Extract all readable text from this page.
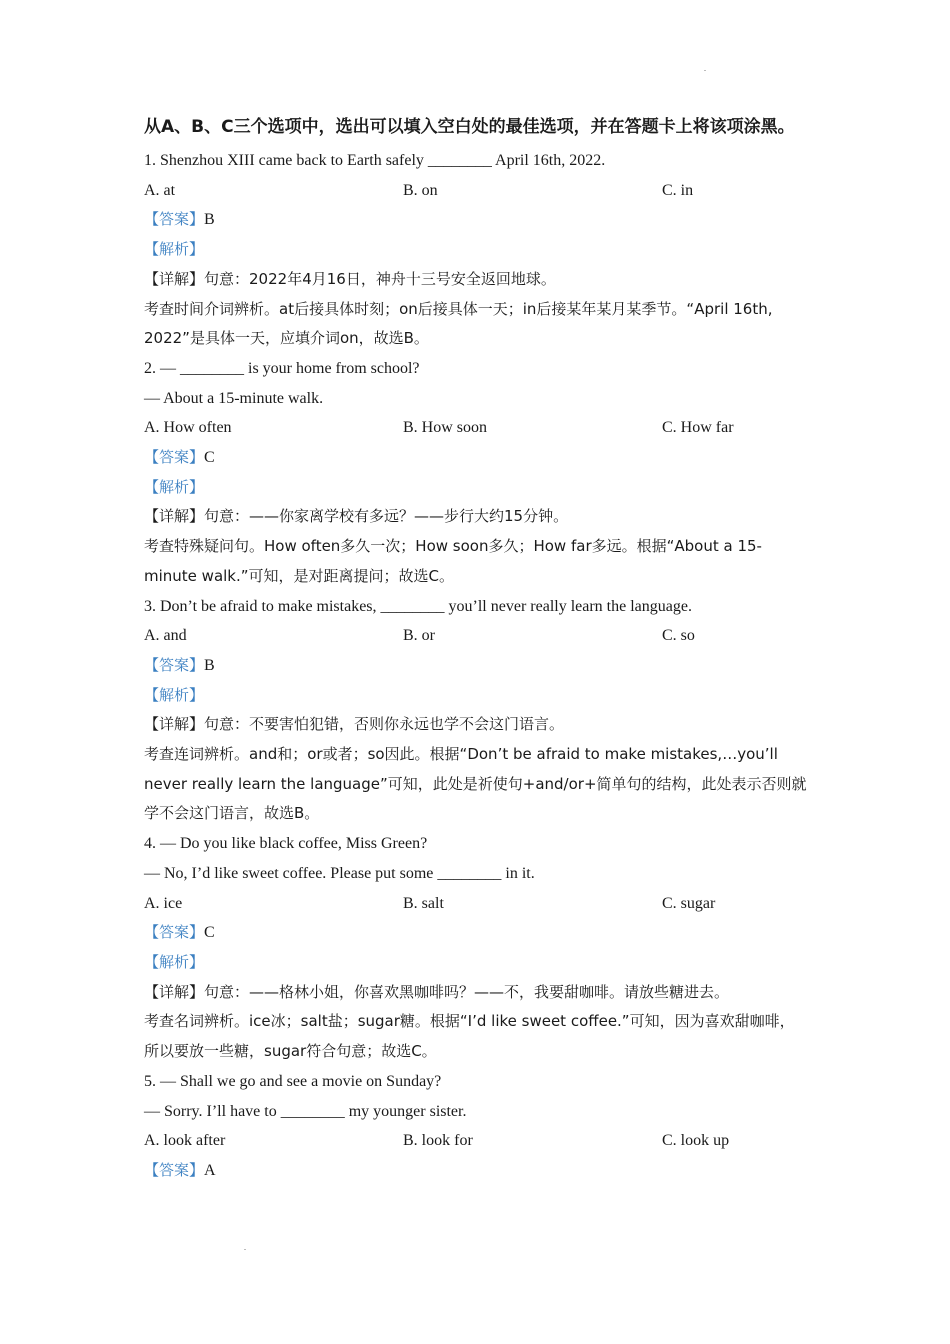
从A、B、C三个选项中，选出可以填入空白处的最佳选项，并在答题卡上将该项涂黑。
1. Shenzhou XIII came back to Earth safely ________ April 16th, 2022.
A. at	B. on	C. in
【答案】B
【解析】
【详解】句意：2022年4月16日，神舟十三号安全返回地球。
考查时间介词辨析。at后接具体时刻；on后接具体一天；in后接某年某月某季节。“April 16th, 2022”是具体一天，应填介词on，故选B。
2. — ________ is your home from school?
— About a 15-minute walk.
A. How often	B. How soon	C. How far
【答案】C
【解析】
【详解】句意：——你家离学校有多远？——步行大约15分钟。
考查特殊疑问句。How often多久一次；How soon多久；How far多远。根据“About a 15-minute walk.”可知，是对距离提问；故选C。
3. Don’t be afraid to make mistakes, ________ you’ll never really learn the language.
A. and	B. or	C. so
【答案】B
【解析】
【详解】句意：不要害怕犯错，否则你永远也学不会这门语言。
考查连词辨析。and和；or或者；so因此。根据“Don’t be afraid to make mistakes,…you’ll never really learn the language”可知，此处是祈使句+and/or+简单句的结构，此处表示否则就学不会这门语言，故选B。
4. — Do you like black coffee, Miss Green?
— No, I’d like sweet coffee. Please put some ________ in it.
A. ice	B. salt	C. sugar
【答案】C
【解析】
【详解】句意：——格林小姐，你喜欢黑咖啡吗？——不，我要甜咖啡。请放些糖进去。
考查名词辨析。ice冰；salt盐；sugar糖。根据“I’d like sweet coffee.”可知，因为喜欢甜咖啡，所以要放一些糖，sugar符合句意；故选C。
5. — Shall we go and see a movie on Sunday?
— Sorry. I’ll have to ________ my younger sister.
A. look after	B. look for	C. look up
【答案】A
